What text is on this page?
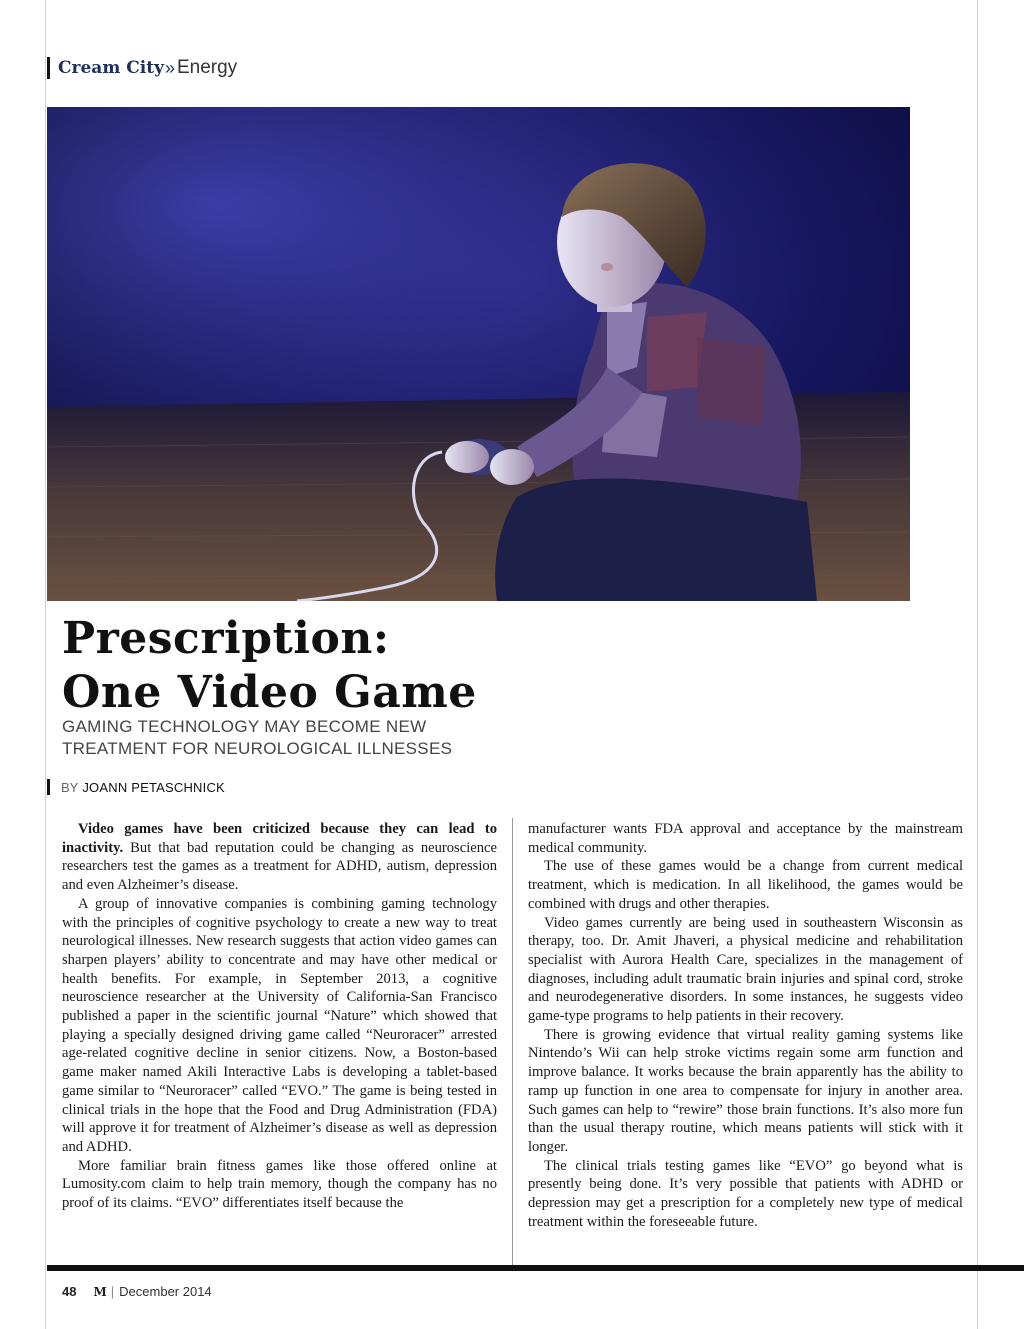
Cream City » Energy
Prescription:
One Video Game

GAMING TECHNOLOGY MAY BECOME NEW
TREATMENT FOR NEUROLOGICAL ILLNESSES

BY JOANN PETASCHNICK

Video games have been criticized because they can lead to inactivity. But that bad reputation could be changing as neuroscience researchers test the games as a treatment for ADHD, autism, depression and even Alzheimer’s disease.

A group of innovative companies is combining gaming technology with the principles of cognitive psychology to create a new way to treat neurological illnesses. New research suggests that action video games can sharpen players’ ability to concentrate and may have other medical or health benefits. For example, in September 2013, a cognitive neuroscience researcher at the University of California-San Francisco published a paper in the scientific journal “Nature” which showed that playing a specially designed driving game called “Neuroracer” arrested age-related cognitive decline in senior citizens. Now, a Boston-based game maker named Akili Interactive Labs is developing a tablet-based game similar to “Neuroracer” called “EVO.” The game is being tested in clinical trials in the hope that the Food and Drug Administration (FDA) will approve it for treatment of Alzheimer’s disease as well as depression and ADHD.

More familiar brain fitness games like those offered online at Lumosity.com claim to help train memory, though the company has no proof of its claims. “EVO” differentiates itself because the

manufacturer wants FDA approval and acceptance by the mainstream medical community.

The use of these games would be a change from current medical treatment, which is medication. In all likelihood, the games would be combined with drugs and other therapies.

Video games currently are being used in southeastern Wisconsin as therapy, too. Dr. Amit Jhaveri, a physical medicine and rehabilitation specialist with Aurora Health Care, specializes in the management of diagnoses, including adult traumatic brain injuries and spinal cord, stroke and neurodegenerative disorders. In some instances, he suggests video game-type programs to help patients in their recovery.

There is growing evidence that virtual reality gaming systems like Nintendo’s Wii can help stroke victims regain some arm function and improve balance. It works because the brain apparently has the ability to ramp up function in one area to compensate for injury in another area. Such games can help to “rewire” those brain functions. It’s also more fun than the usual therapy routine, which means patients will stick with it longer.

The clinical trials testing games like “EVO” go beyond what is presently being done. It’s very possible that patients with ADHD or depression may get a prescription for a completely new type of medical treatment within the foreseeable future.

48 M | December 2014
